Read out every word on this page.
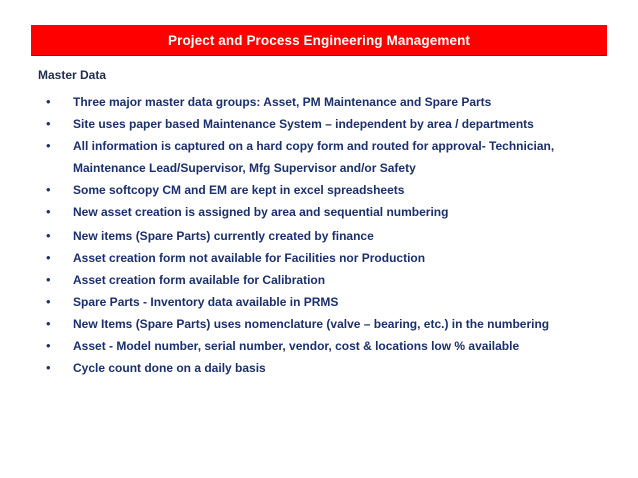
Project and Process Engineering Management
Master Data
• Three major master data groups: Asset, PM Maintenance and Spare Parts
• Site uses paper based Maintenance System – independent by area / departments
• All information is captured on a hard copy form and routed for approval- Technician, Maintenance Lead/Supervisor, Mfg Supervisor and/or Safety
• Some softcopy CM and EM are kept in excel spreadsheets
• New asset creation is assigned by area and sequential numbering
• New items (Spare Parts) currently created by finance
• Asset creation form not available for Facilities nor Production
• Asset creation form available for Calibration
• Spare Parts - Inventory data available in PRMS
• New Items (Spare Parts) uses nomenclature (valve – bearing, etc.) in the numbering
• Asset - Model number, serial number, vendor, cost & locations low % available
• Cycle count done on a daily basis
